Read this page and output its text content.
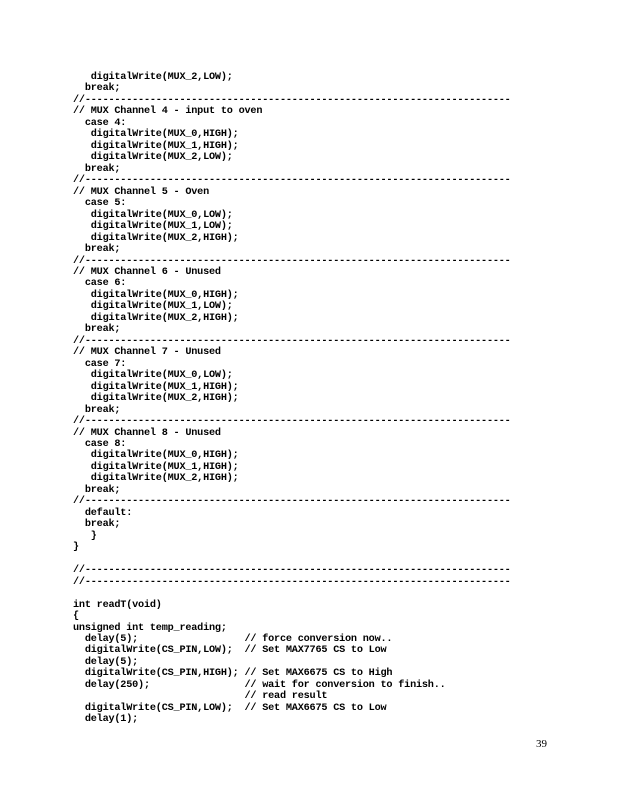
digitalWrite(MUX_2,LOW);
break;
//------------------------------------------------------------------------
// MUX Channel 4 - input to oven
case 4:
digitalWrite(MUX_0,HIGH);
digitalWrite(MUX_1,HIGH);
digitalWrite(MUX_2,LOW);
break;
//------------------------------------------------------------------------
// MUX Channel 5 - Oven
case 5:
digitalWrite(MUX_0,LOW);
digitalWrite(MUX_1,LOW);
digitalWrite(MUX_2,HIGH);
break;
//------------------------------------------------------------------------
// MUX Channel 6 - Unused
case 6:
digitalWrite(MUX_0,HIGH);
digitalWrite(MUX_1,LOW);
digitalWrite(MUX_2,HIGH);
break;
//------------------------------------------------------------------------
// MUX Channel 7 - Unused
case 7:
digitalWrite(MUX_0,LOW);
digitalWrite(MUX_1,HIGH);
digitalWrite(MUX_2,HIGH);
break;
//------------------------------------------------------------------------
// MUX Channel 8 - Unused
case 8:
digitalWrite(MUX_0,HIGH);
digitalWrite(MUX_1,HIGH);
digitalWrite(MUX_2,HIGH);
break;
//------------------------------------------------------------------------
default:
break;
}
}
//------------------------------------------------------------------------
//------------------------------------------------------------------------
int readT(void)
{
unsigned int temp_reading;
delay(5);                  // force conversion now..
digitalWrite(CS_PIN,LOW);  // Set MAX7765 CS to Low
delay(5);
digitalWrite(CS_PIN,HIGH); // Set MAX6675 CS to High
delay(250);                // wait for conversion to finish..
// read result
digitalWrite(CS_PIN,LOW);  // Set MAX6675 CS to Low
delay(1);
39
